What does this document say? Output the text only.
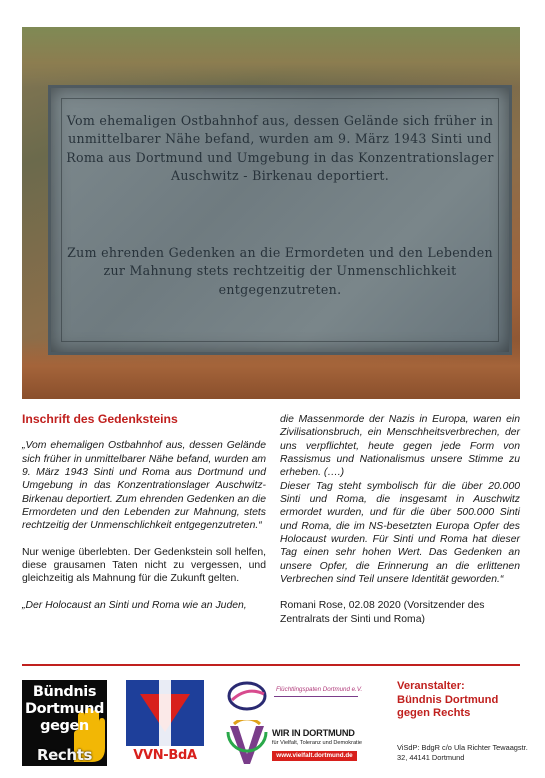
Vom ehemaligen Ostbahnhof aus, dessen Gelände sich früher in unmittelbarer Nähe befand, wurden am 9. März 1943 Sinti und Roma aus Dortmund und Umgebung in das Konzentrationslager Auschwitz - Birkenau deportiert.

Zum ehrenden Gedenken an die Ermordeten und den Lebenden zur Mahnung stets rechtzeitig der Unmenschlichkeit entgegenzutreten.

Inschrift des Gedenksteins

„Vom ehemaligen Ostbahnhof aus, dessen Gelände sich früher in unmittelbarer Nähe befand, wurden am 9. März 1943 Sinti und Roma aus Dortmund und Umgebung in das Konzentrationslager Auschwitz-Birkenau deportiert. Zum ehrenden Gedenken an die Ermordeten und den Lebenden zur Mahnung, stets rechtzeitig der Unmenschlichkeit entgegenzutreten.“

Nur wenige überlebten. Der Gedenkstein soll helfen, diese grausamen Taten nicht zu vergessen, und gleichzeitig als Mahnung für die Zukunft gelten.

„Der Holocaust an Sinti und Roma wie an Juden,

die Massenmorde der Nazis in Europa, waren ein Zivilisationsbruch, ein Menschheitsverbrechen, der uns verpflichtet, heute gegen jede Form von Rassismus und Nationalismus unsere Stimme zu erheben. (….)

Dieser Tag steht symbolisch für die über 20.000 Sinti und Roma, die insgesamt in Auschwitz ermordet wurden, und für die über 500.000 Sinti und Roma, die im NS-besetzten Europa Opfer des Holocaust wurden. Für Sinti und Roma hat dieser Tag einen sehr hohen Wert. Das Gedenken an unsere Opfer, die Erinnerung an die erlittenen Verbrechen sind Teil unsere Identität geworden.“

Romani Rose, 02.08 2020 (Vorsitzender des Zentralrats der Sinti und Roma)

Bündnis
Dortmund
gegen
Rechts	VVN-BdA
Flüchtlingspaten Dortmund e.V.
WIR IN DORTMUND
für Vielfalt, Toleranz und Demokratie
www.vielfalt.dortmund.de
Veranstalter:
Bündnis Dortmund
gegen Rechts
ViSdP: BdgR c/o Ula Richter Tewaagstr. 32, 44141 Dortmund
